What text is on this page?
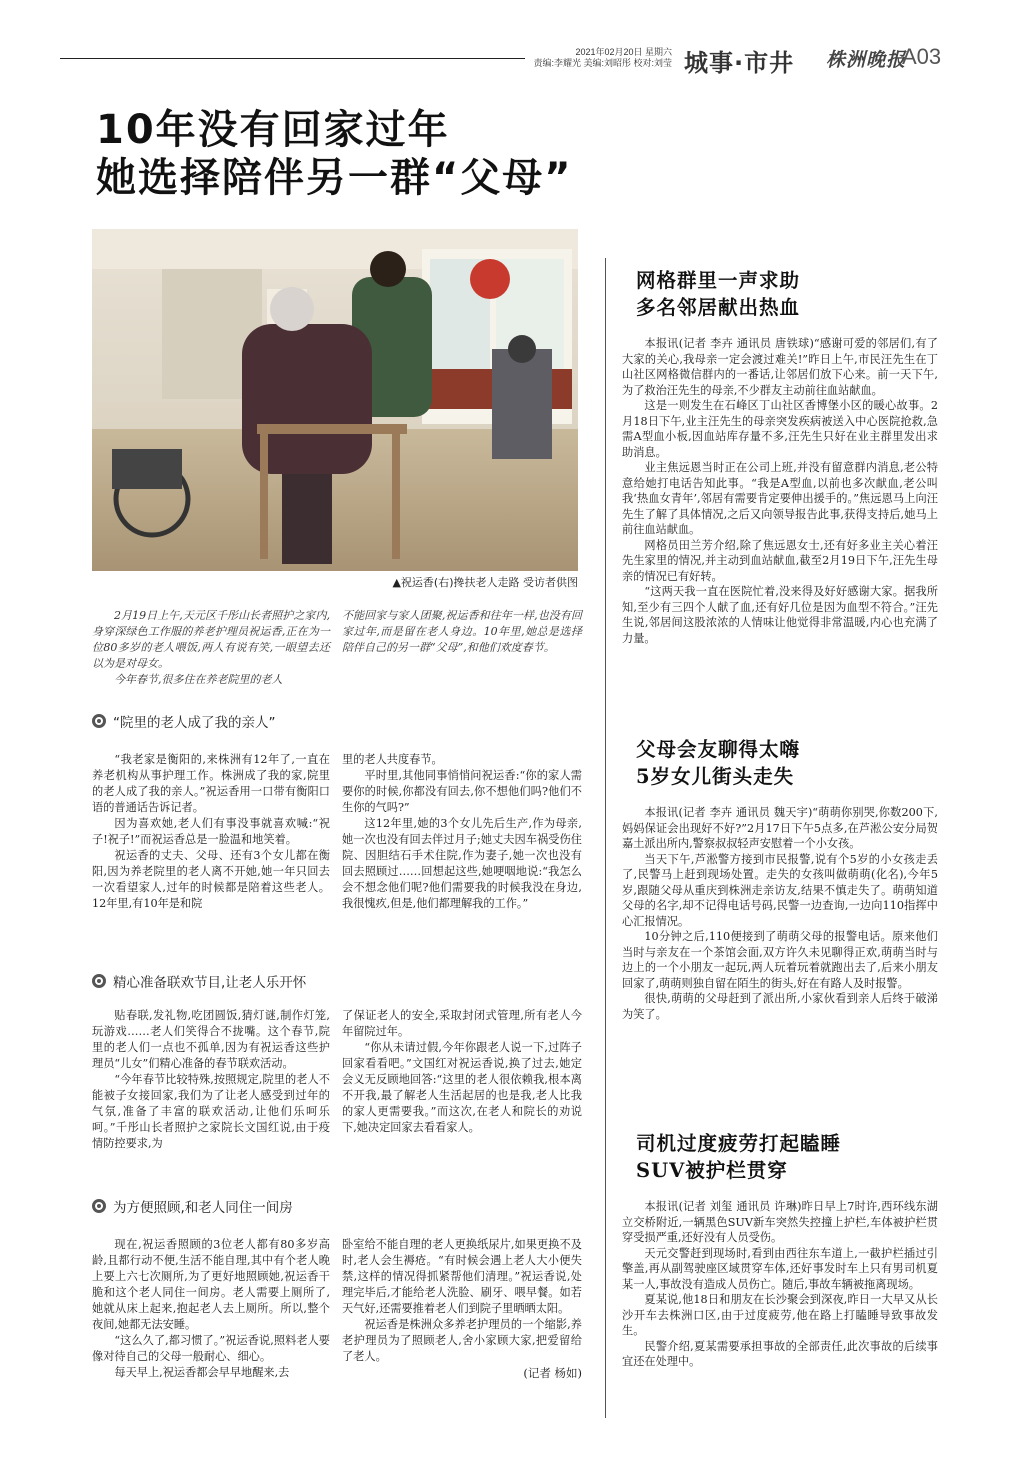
2021年02月20日 星期六
责编:李耀光 美编:刘昭彤 校对:刘莹 城事·市井 株洲晚报
A03
10年没有回家过年
她选择陪伴另一群“父母”
▲祝运香(右)搀扶老人走路 受访者供图

2月19日上午,天元区千彤山长者照护之家内,身穿深绿色工作服的养老护理员祝运香,正在为一位80多岁的老人喂饭,两人有说有笑,一眼望去还以为是对母女。

今年春节,很多住在养老院里的老人

不能回家与家人团聚,祝运香和往年一样,也没有回家过年,而是留在老人身边。10年里,她总是选择陪伴自己的另一群“父母”,和他们欢度春节。

“院里的老人成了我的亲人”

“我老家是衡阳的,来株洲有12年了,一直在养老机构从事护理工作。株洲成了我的家,院里的老人成了我的亲人。”祝运香用一口带有衡阳口语的普通话告诉记者。

因为喜欢她,老人们有事没事就喜欢喊:“祝子!祝子!”而祝运香总是一脸温和地笑着。

祝运香的丈夫、父母、还有3个女儿都在衡阳,因为养老院里的老人离不开她,她一年只回去一次看望家人,过年的时候都是陪着这些老人。12年里,有10年是和院

里的老人共度春节。

平时里,其他同事悄悄问祝运香:“你的家人需要你的时候,你都没有回去,你不想他们吗?他们不生你的气吗?”

这12年里,她的3个女儿先后生产,作为母亲,她一次也没有回去伴过月子;她丈夫因车祸受伤住院、因胆结石手术住院,作为妻子,她一次也没有回去照顾过……回想起这些,她哽咽地说:“我怎么会不想念他们呢?他们需要我的时候我没在身边,我很愧疚,但是,他们都理解我的工作。”

精心准备联欢节目,让老人乐开怀

贴春联,发礼物,吃团圆饭,猜灯谜,制作灯笼,玩游戏……老人们笑得合不拢嘴。这个春节,院里的老人们一点也不孤单,因为有祝运香这些护理员“儿女”们精心准备的春节联欢活动。

“今年春节比较特殊,按照规定,院里的老人不能被子女接回家,我们为了让老人感受到过年的气氛,准备了丰富的联欢活动,让他们乐呵乐呵。”千彤山长者照护之家院长文国红说,由于疫情防控要求,为

了保证老人的安全,采取封闭式管理,所有老人今年留院过年。

“你从未请过假,今年你跟老人说一下,过阵子回家看看吧。”文国红对祝运香说,换了过去,她定会义无反顾地回答:“这里的老人很依赖我,根本离不开我,最了解老人生活起居的也是我,老人比我的家人更需要我。”而这次,在老人和院长的劝说下,她决定回家去看看家人。

为方便照顾,和老人同住一间房

现在,祝运香照顾的3位老人都有80多岁高龄,且都行动不便,生活不能自理,其中有个老人晚上要上六七次厕所,为了更好地照顾她,祝运香干脆和这个老人同住一间房。老人需要上厕所了,她就从床上起来,抱起老人去上厕所。所以,整个夜间,她都无法安睡。

“这么久了,都习惯了。”祝运香说,照料老人要像对待自己的父母一般耐心、细心。

每天早上,祝运香都会早早地醒来,去

卧室给不能自理的老人更换纸尿片,如果更换不及时,老人会生褥疮。“有时候会遇上老人大小便失禁,这样的情况得抓紧帮他们清理。”祝运香说,处理完毕后,才能给老人洗脸、刷牙、喂早餐。如若天气好,还需要推着老人们到院子里晒晒太阳。

祝运香是株洲众多养老护理员的一个缩影,养老护理员为了照顾老人,舍小家顾大家,把爱留给了老人。

(记者 杨如)
网格群里一声求助
多名邻居献出热血

本报讯(记者 李卉 通讯员 唐铁球)“感谢可爱的邻居们,有了大家的关心,我母亲一定会渡过难关!”昨日上午,市民汪先生在丁山社区网格微信群内的一番话,让邻居们放下心来。前一天下午,为了救治汪先生的母亲,不少群友主动前往血站献血。

这是一则发生在石峰区丁山社区香博堡小区的暖心故事。2月18日下午,业主汪先生的母亲突发疾病被送入中心医院抢救,急需A型血小板,因血站库存量不多,汪先生只好在业主群里发出求助消息。

业主焦远恩当时正在公司上班,并没有留意群内消息,老公特意给她打电话告知此事。“我是A型血,以前也多次献血,老公叫我‘热血女青年’,邻居有需要肯定要伸出援手的。”焦远恩马上向汪先生了解了具体情况,之后又向领导报告此事,获得支持后,她马上前往血站献血。

网格员田兰芳介绍,除了焦远恩女士,还有好多业主关心着汪先生家里的情况,并主动到血站献血,截至2月19日下午,汪先生母亲的情况已有好转。

“这两天我一直在医院忙着,没来得及好好感谢大家。据我所知,至少有三四个人献了血,还有好几位是因为血型不符合。”汪先生说,邻居间这股浓浓的人情味让他觉得非常温暖,内心也充满了力量。

父母会友聊得太嗨
5岁女儿街头走失

本报讯(记者 李卉 通讯员 魏天宇)“萌萌你别哭,你数200下,妈妈保证会出现好不好?”2月17日下午5点多,在芦淞公安分局贺嘉土派出所内,警察叔叔轻声安慰着一个小女孩。

当天下午,芦淞警方接到市民报警,说有个5岁的小女孩走丢了,民警马上赶到现场处置。走失的女孩叫做萌萌(化名),今年5岁,跟随父母从重庆到株洲走亲访友,结果不慎走失了。萌萌知道父母的名字,却不记得电话号码,民警一边查询,一边向110指挥中心汇报情况。

10分钟之后,110便接到了萌萌父母的报警电话。原来他们当时与亲友在一个茶馆会面,双方许久未见聊得正欢,萌萌当时与边上的一个小朋友一起玩,两人玩着玩着就跑出去了,后来小朋友回家了,萌萌则独自留在陌生的街头,好在有路人及时报警。

很快,萌萌的父母赶到了派出所,小家伙看到亲人后终于破涕为笑了。

司机过度疲劳打起瞌睡
SUV被护栏贯穿

本报讯(记者 刘玺 通讯员 许琳)昨日早上7时许,西环线东湖立交桥附近,一辆黑色SUV新车突然失控撞上护栏,车体被护栏贯穿受损严重,还好没有人员受伤。

天元交警赶到现场时,看到由西往东车道上,一截护栏插过引擎盖,再从副驾驶座区域贯穿车体,还好事发时车上只有男司机夏某一人,事故没有造成人员伤亡。随后,事故车辆被拖离现场。

夏某说,他18日和朋友在长沙聚会到深夜,昨日一大早又从长沙开车去株洲口区,由于过度疲劳,他在路上打瞌睡导致事故发生。

民警介绍,夏某需要承担事故的全部责任,此次事故的后续事宜还在处理中。
